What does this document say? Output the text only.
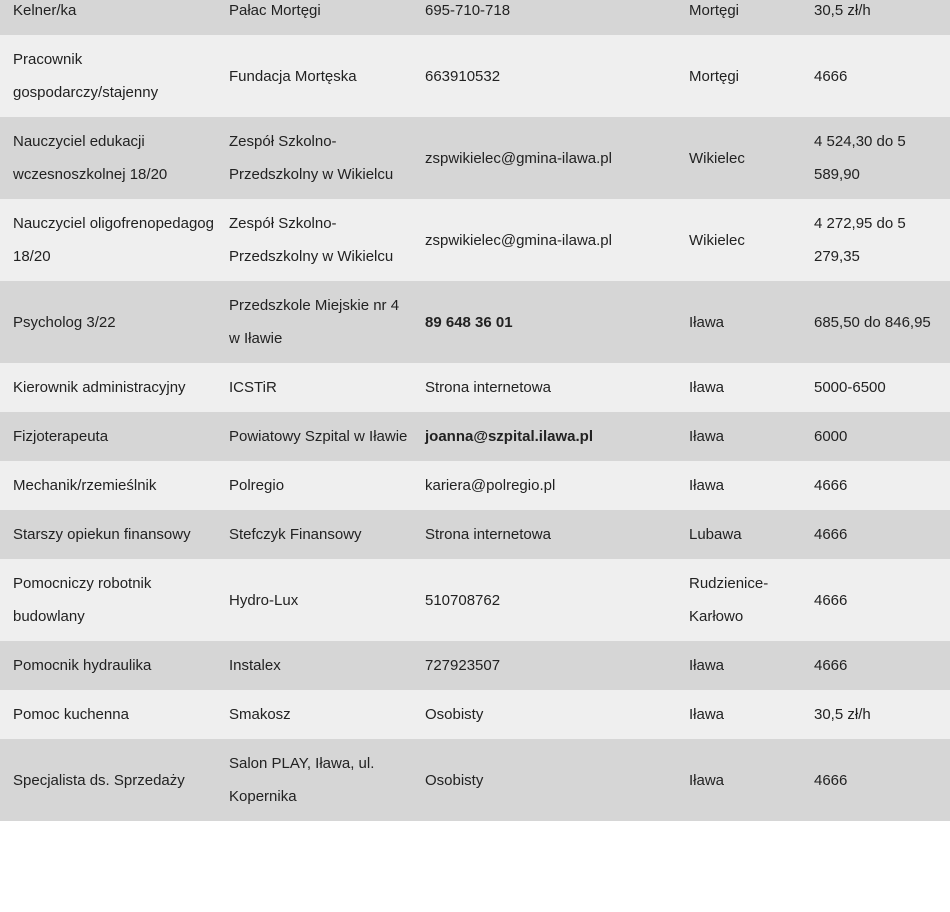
Kelner/ka	Pałac Mortęgi	695-710-718	Mortęgi	30,5 zł/h
Pracownik gospodarczy/stajenny	Fundacja Mortęska	663910532	Mortęgi	4666
Nauczyciel edukacji wczesnoszkolnej 18/20	Zespół Szkolno-Przedszkolny w Wikielcu	zspwikielec@gmina-ilawa.pl	Wikielec	4 524,30 do 5 589,90
Nauczyciel oligofrenopedagog 18/20	Zespół Szkolno-Przedszkolny w Wikielcu	zspwikielec@gmina-ilawa.pl	Wikielec	4 272,95 do 5 279,35
Psycholog 3/22	Przedszkole Miejskie nr 4 w Iławie	89 648 36 01	Iława	685,50 do 846,95
Kierownik administracyjny	ICSTiR	Strona internetowa	Iława	5000-6500
Fizjoterapeuta	Powiatowy Szpital w Iławie	joanna@szpital.ilawa.pl	Iława	6000
Mechanik/rzemieślnik	Polregio	kariera@polregio.pl	Iława	4666
Starszy opiekun finansowy	Stefczyk Finansowy	Strona internetowa	Lubawa	4666
Pomocniczy robotnik budowlany	Hydro-Lux	510708762	Rudzienice-Karłowo	4666
Pomocnik hydraulika	Instalex	727923507	Iława	4666
Pomoc kuchenna	Smakosz	Osobisty	Iława	30,5 zł/h
Specjalista ds. Sprzedaży	Salon PLAY, Iława, ul. Kopernika	Osobisty	Iława	4666
